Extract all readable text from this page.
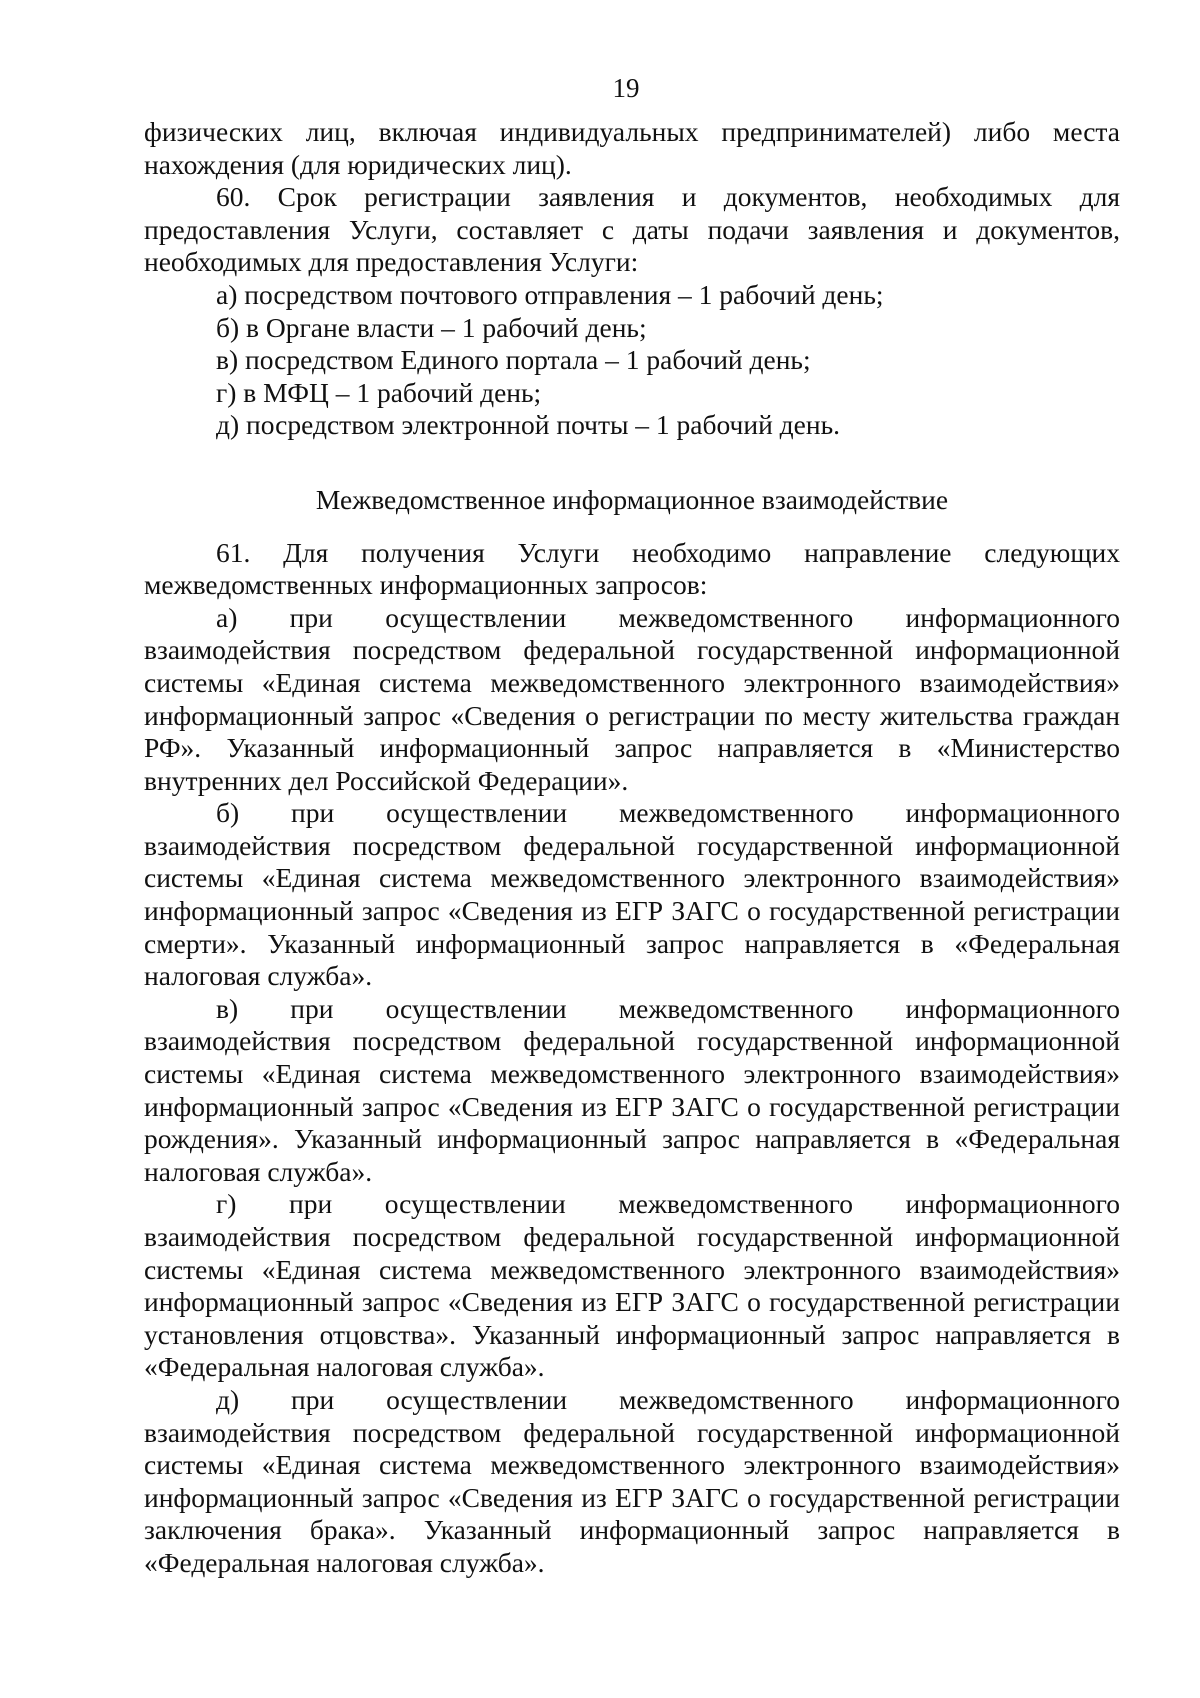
19

физических лиц, включая индивидуальных предпринимателей) либо места нахождения (для юридических лиц).

60. Срок регистрации заявления и документов, необходимых для предоставления Услуги, составляет с даты подачи заявления и документов, необходимых для предоставления Услуги:

а) посредством почтового отправления – 1 рабочий день;

б) в Органе власти – 1 рабочий день;

в) посредством Единого портала – 1 рабочий день;

г) в МФЦ – 1 рабочий день;

д) посредством электронной почты – 1 рабочий день.

Межведомственное информационное взаимодействие

61. Для получения Услуги необходимо направление следующих межведомственных информационных запросов:

а) при осуществлении межведомственного информационного взаимодействия посредством федеральной государственной информационной системы «Единая система межведомственного электронного взаимодействия» информационный запрос «Сведения о регистрации по месту жительства граждан РФ». Указанный информационный запрос направляется в «Министерство внутренних дел Российской Федерации».

б) при осуществлении межведомственного информационного взаимодействия посредством федеральной государственной информационной системы «Единая система межведомственного электронного взаимодействия» информационный запрос «Сведения из ЕГР ЗАГС о государственной регистрации смерти». Указанный информационный запрос направляется в «Федеральная налоговая служба».

в) при осуществлении межведомственного информационного взаимодействия посредством федеральной государственной информационной системы «Единая система межведомственного электронного взаимодействия» информационный запрос «Сведения из ЕГР ЗАГС о государственной регистрации рождения». Указанный информационный запрос направляется в «Федеральная налоговая служба».

г) при осуществлении межведомственного информационного взаимодействия посредством федеральной государственной информационной системы «Единая система межведомственного электронного взаимодействия» информационный запрос «Сведения из ЕГР ЗАГС о государственной регистрации установления отцовства». Указанный информационный запрос направляется в «Федеральная налоговая служба».

д) при осуществлении межведомственного информационного взаимодействия посредством федеральной государственной информационной системы «Единая система межведомственного электронного взаимодействия» информационный запрос «Сведения из ЕГР ЗАГС о государственной регистрации заключения брака». Указанный информационный запрос направляется в «Федеральная налоговая служба».
